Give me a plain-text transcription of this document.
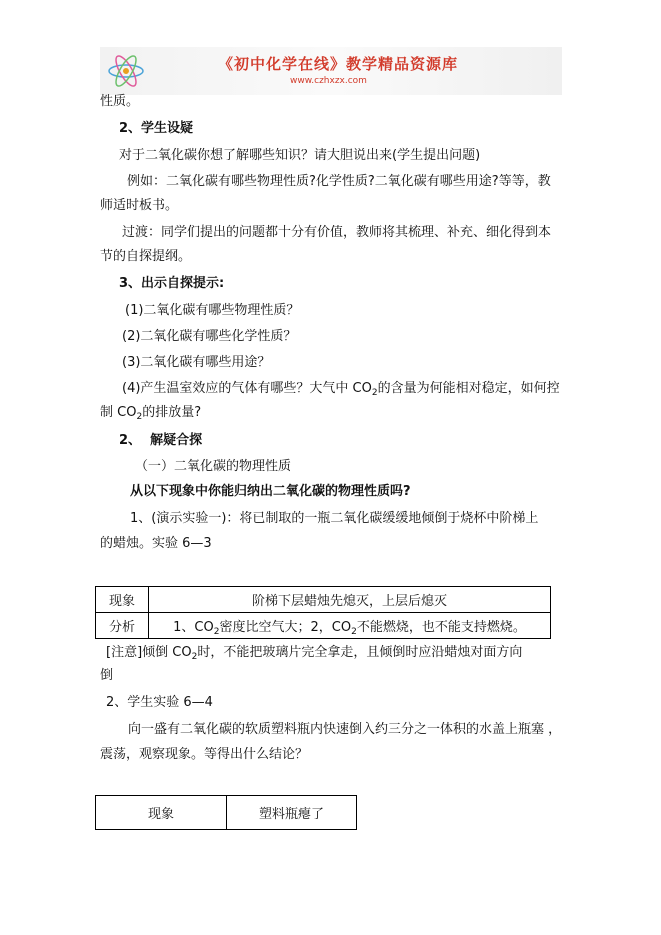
《初中化学在线》教学精品资源库
www.czhxzx.com
性质。
2、学生设疑
对于二氧化碳你想了解哪些知识？请大胆说出来(学生提出问题)
例如：二氧化碳有哪些物理性质?化学性质?二氧化碳有哪些用途?等等，教
师适时板书。
过渡：同学们提出的问题都十分有价值，教师将其梳理、补充、细化得到本
节的自探提纲。
3、出示自探提示:
(1)二氧化碳有哪些物理性质？
(2)二氧化碳有哪些化学性质？
(3)二氧化碳有哪些用途？
(4)产生温室效应的气体有哪些？大气中 $CO_2$的含量为何能相对稳定，如何控
制 $CO_2$的排放量?
2、 解疑合探
（一）二氧化碳的物理性质
从以下现象中你能归纳出二氧化碳的物理性质吗?
1、(演示实验一)：将已制取的一瓶二氧化碳缓缓地倾倒于烧杯中阶梯上
的蜡烛。实验 6—3
现象	阶梯下层蜡烛先熄灭，上层后熄灭
分析	1、$CO_2$密度比空气大；2，$CO_2$不能燃烧，也不能支持燃烧。
[注意]倾倒 $CO_2$时，不能把玻璃片完全拿走，且倾倒时应沿蜡烛对面方向
倒
2、学生实验 6—4
向一盛有二氧化碳的软质塑料瓶内快速倒入约三分之一体积的水盖上瓶塞 ，
震荡，观察现象。等得出什么结论？
现象	塑料瓶瘪了
